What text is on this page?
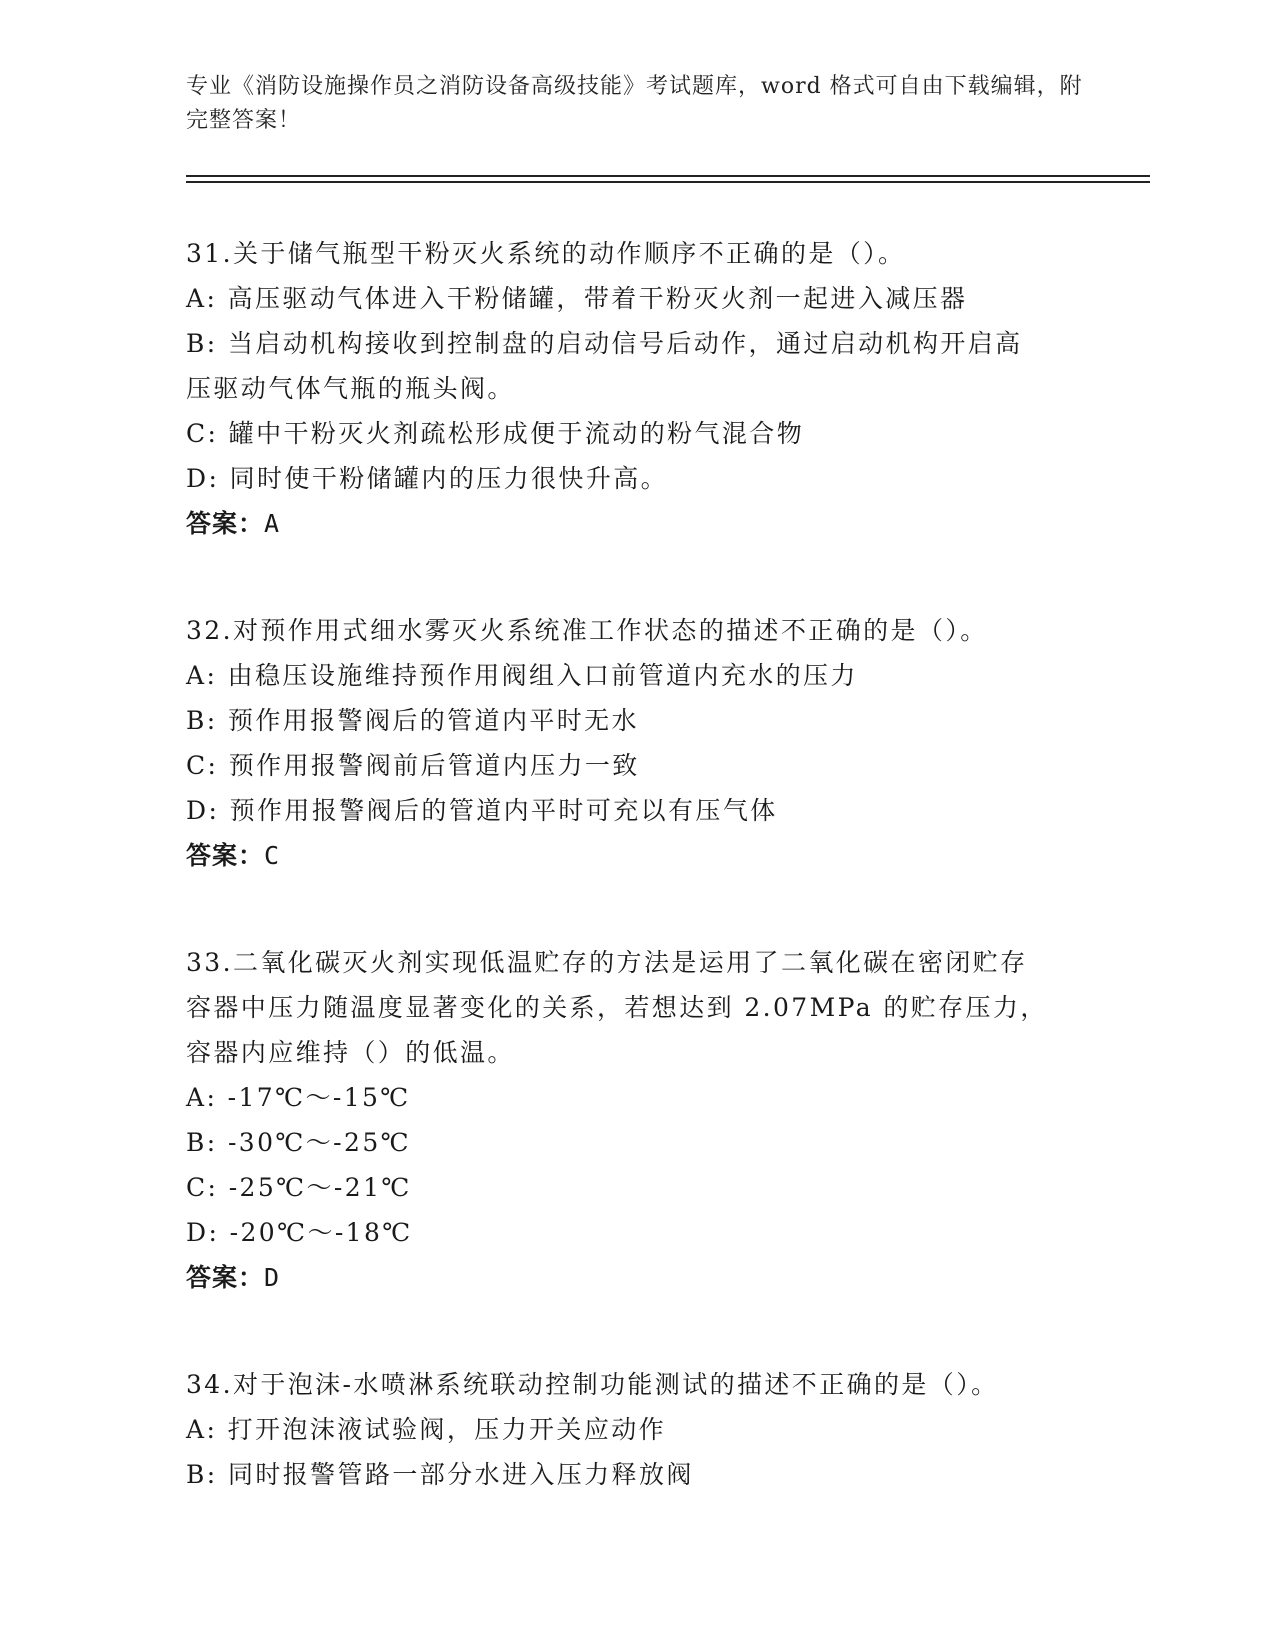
专业《消防设施操作员之消防设备高级技能》考试题库，word 格式可自由下载编辑，附完整答案！
31.关于储气瓶型干粉灭火系统的动作顺序不正确的是（）。
A: 高压驱动气体进入干粉储罐，带着干粉灭火剂一起进入减压器
B: 当启动机构接收到控制盘的启动信号后动作，通过启动机构开启高
压驱动气体气瓶的瓶头阀。
C: 罐中干粉灭火剂疏松形成便于流动的粉气混合物
D: 同时使干粉储罐内的压力很快升高。
答案：A
32.对预作用式细水雾灭火系统准工作状态的描述不正确的是（）。
A: 由稳压设施维持预作用阀组入口前管道内充水的压力
B: 预作用报警阀后的管道内平时无水
C: 预作用报警阀前后管道内压力一致
D: 预作用报警阀后的管道内平时可充以有压气体
答案：C
33.二氧化碳灭火剂实现低温贮存的方法是运用了二氧化碳在密闭贮存
容器中压力随温度显著变化的关系，若想达到 2.07MPa 的贮存压力，
容器内应维持（）的低温。
A: -17℃～-15℃
B: -30℃～-25℃
C: -25℃～-21℃
D: -20℃～-18℃
答案：D
34.对于泡沫-水喷淋系统联动控制功能测试的描述不正确的是（）。
A: 打开泡沫液试验阀，压力开关应动作
B: 同时报警管路一部分水进入压力释放阀
